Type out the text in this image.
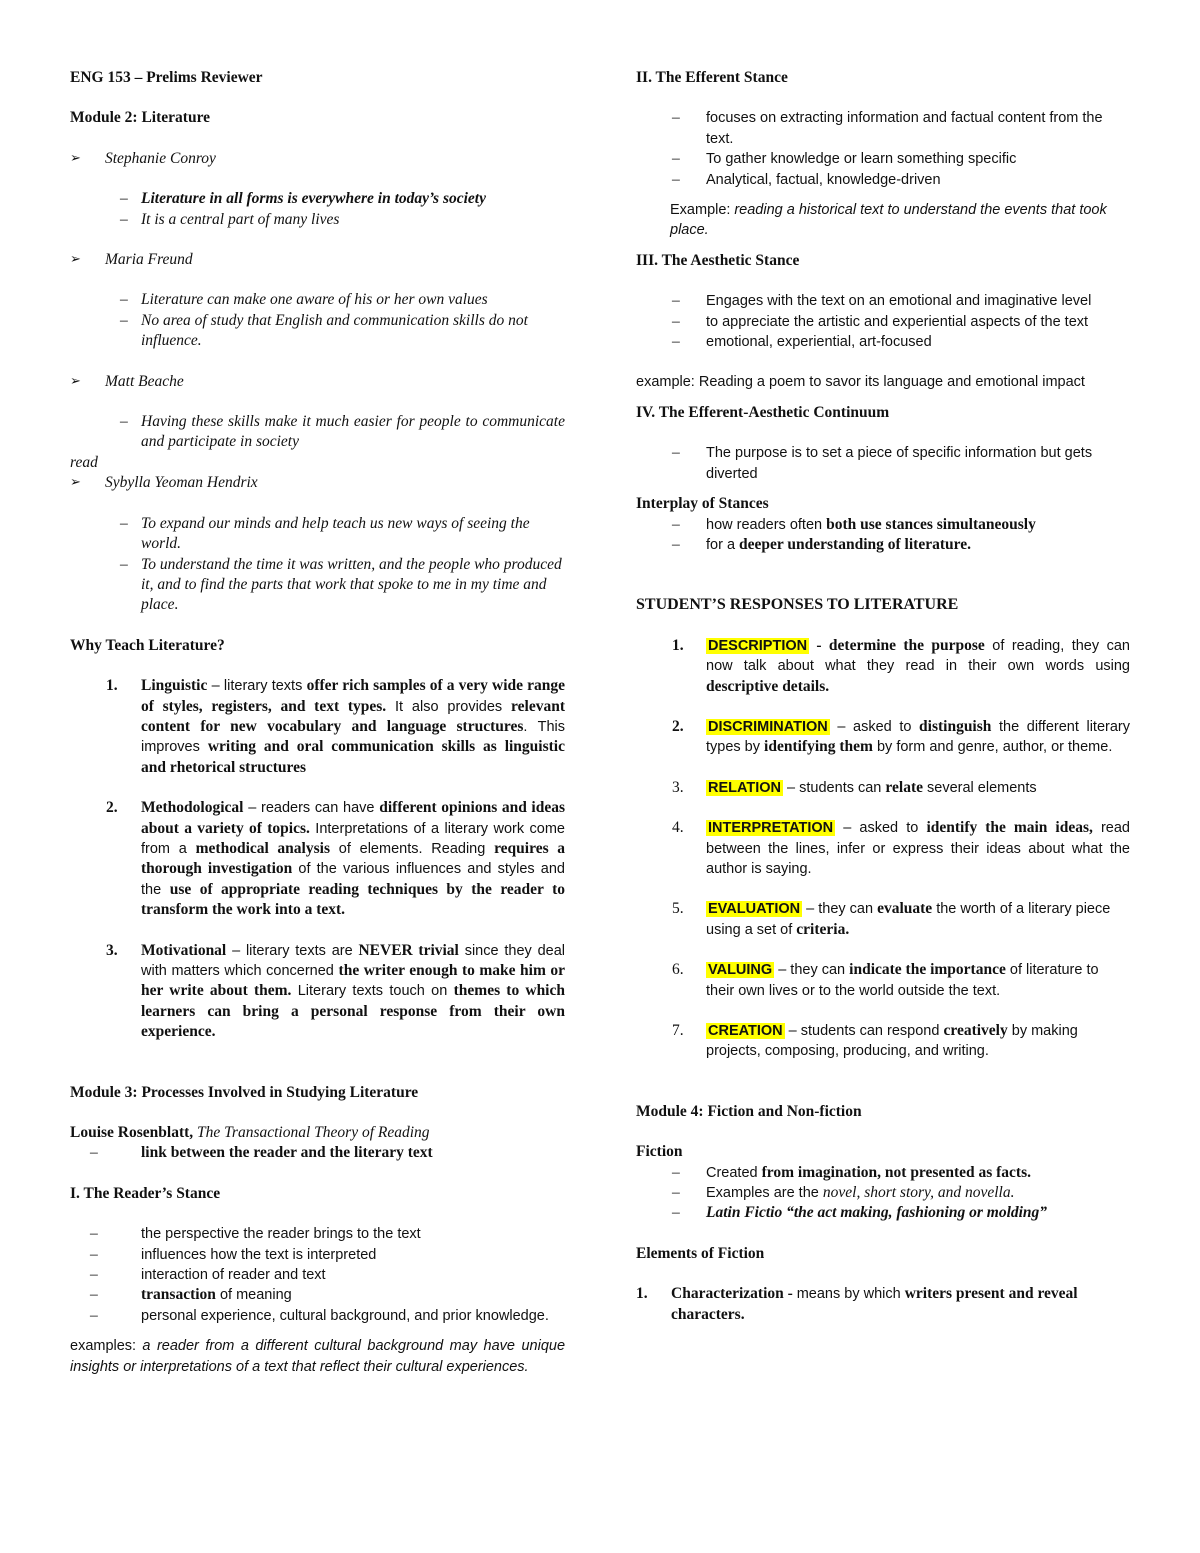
ENG 153 – Prelims Reviewer

Module 2: Literature

➢	Stephanie Conroy

– Literature in all forms is everywhere in today’s society

– It is a central part of many lives

➢	Maria Freund

– Literature can make one aware of his or her own values

– No area of study that English and communication skills do not influence.

➢	Matt Beache

– Having these skills make it much easier for people to communicate and participate in society

read

➢	Sybylla Yeoman Hendrix

– To expand our minds and help teach us new ways of seeing the world.

– To understand the time it was written, and the people who produced it, and to find the parts that work that spoke to me in my time and place.

Why Teach Literature?

1.	Linguistic – literary texts offer rich samples of a very wide range of styles, registers, and text types. It also provides relevant content for new vocabulary and language structures. This improves writing and oral communication skills as linguistic and rhetorical structures

2.	Methodological – readers can have different opinions and ideas about a variety of topics. Interpretations of a literary work come from a methodical analysis of elements. Reading requires a thorough investigation of the various influences and styles and the use of appropriate reading techniques by the reader to transform the work into a text.

3.	Motivational – literary texts are NEVER trivial since they deal with matters which concerned the writer enough to make him or her write about them. Literary texts touch on themes to which learners can bring a personal response from their own experience.

Module 3: Processes Involved in Studying Literature

Louise Rosenblatt, The Transactional Theory of Reading

–	link between the reader and the literary text

I. The Reader’s Stance

–	the perspective the reader brings to the text

–	influences how the text is interpreted

–	interaction of reader and text

–	transaction of meaning

–	personal experience, cultural background, and prior knowledge.

examples: a reader from a different cultural background may have unique insights or interpretations of a text that reflect their cultural experiences.

II. The Efferent Stance

–	focuses on extracting information and factual content from the text.

–	To gather knowledge or learn something specific

–	Analytical, factual, knowledge-driven

Example: reading a historical text to understand the events that took place.

III. The Aesthetic Stance

–	Engages with the text on an emotional and imaginative level

–	to appreciate the artistic and experiential aspects of the text

–	emotional, experiential, art-focused

example: Reading a poem to savor its language and emotional impact

IV. The Efferent-Aesthetic Continuum

–	The purpose is to set a piece of specific information but gets diverted

Interplay of Stances

–	how readers often both use stances simultaneously

–	for a deeper understanding of literature.

STUDENT’S RESPONSES TO LITERATURE

1.	DESCRIPTION - determine the purpose of reading, they can now talk about what they read in their own words using descriptive details.

2.	DISCRIMINATION – asked to distinguish the different literary types by identifying them by form and genre, author, or theme.

3.	RELATION – students can relate several elements

4.	INTERPRETATION – asked to identify the main ideas, read between the lines, infer or express their ideas about what the author is saying.

5.	EVALUATION – they can evaluate the worth of a literary piece using a set of criteria.

6.	VALUING – they can indicate the importance of literature to their own lives or to the world outside the text.

7.	CREATION – students can respond creatively by making projects, composing, producing, and writing.

Module 4: Fiction and Non-fiction

Fiction

–	Created from imagination, not presented as facts.

–	Examples are the novel, short story, and novella.

–	Latin Fictio “the act making, fashioning or molding”

Elements of Fiction

1.	Characterization - means by which writers present and reveal characters.
